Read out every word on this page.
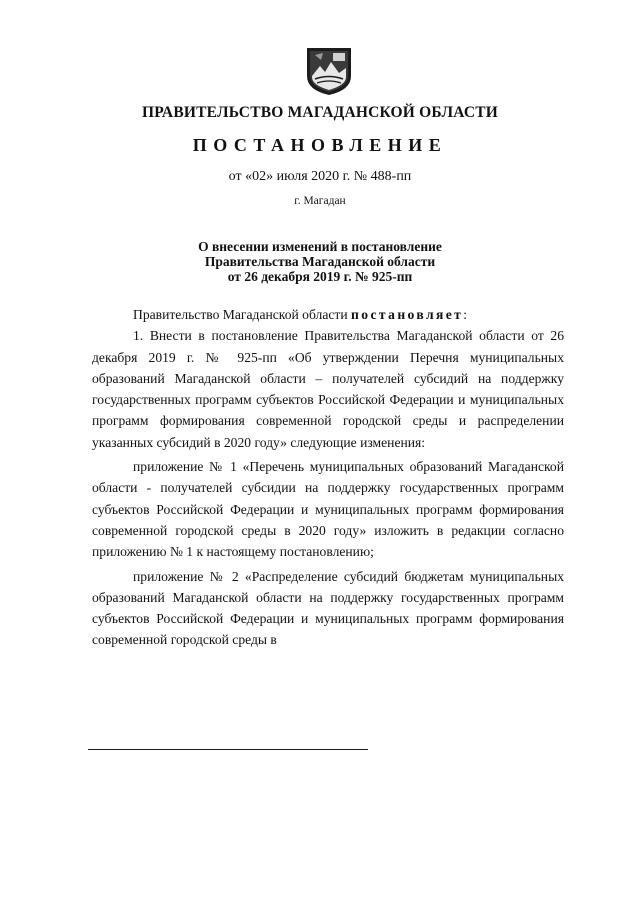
ПРАВИТЕЛЬСТВО МАГАДАНСКОЙ ОБЛАСТИ
ПОСТАНОВЛЕНИЕ
от «02» июля 2020 г. № 488-пп
г. Магадан
О внесении изменений в постановление
Правительства Магаданской области
от 26 декабря 2019 г. № 925-пп

Правительство Магаданской области постановляет:

1. Внести в постановление Правительства Магаданской области от 26 декабря 2019 г. № 925-пп «Об утверждении Перечня муниципальных образований Магаданской области – получателей субсидий на поддержку государственных программ субъектов Российской Федерации и муниципальных программ формирования современной городской среды и распределении указанных субсидий в 2020 году» следующие изменения:

приложение № 1 «Перечень муниципальных образований Магаданской области - получателей субсидии на поддержку государственных программ субъектов Российской Федерации и муниципальных программ формирования современной городской среды в 2020 году» изложить в редакции согласно приложению № 1 к настоящему постановлению;

приложение № 2 «Распределение субсидий бюджетам муниципальных образований Магаданской области на поддержку государственных программ субъектов Российской Федерации и муниципальных программ формирования современной городской среды в
